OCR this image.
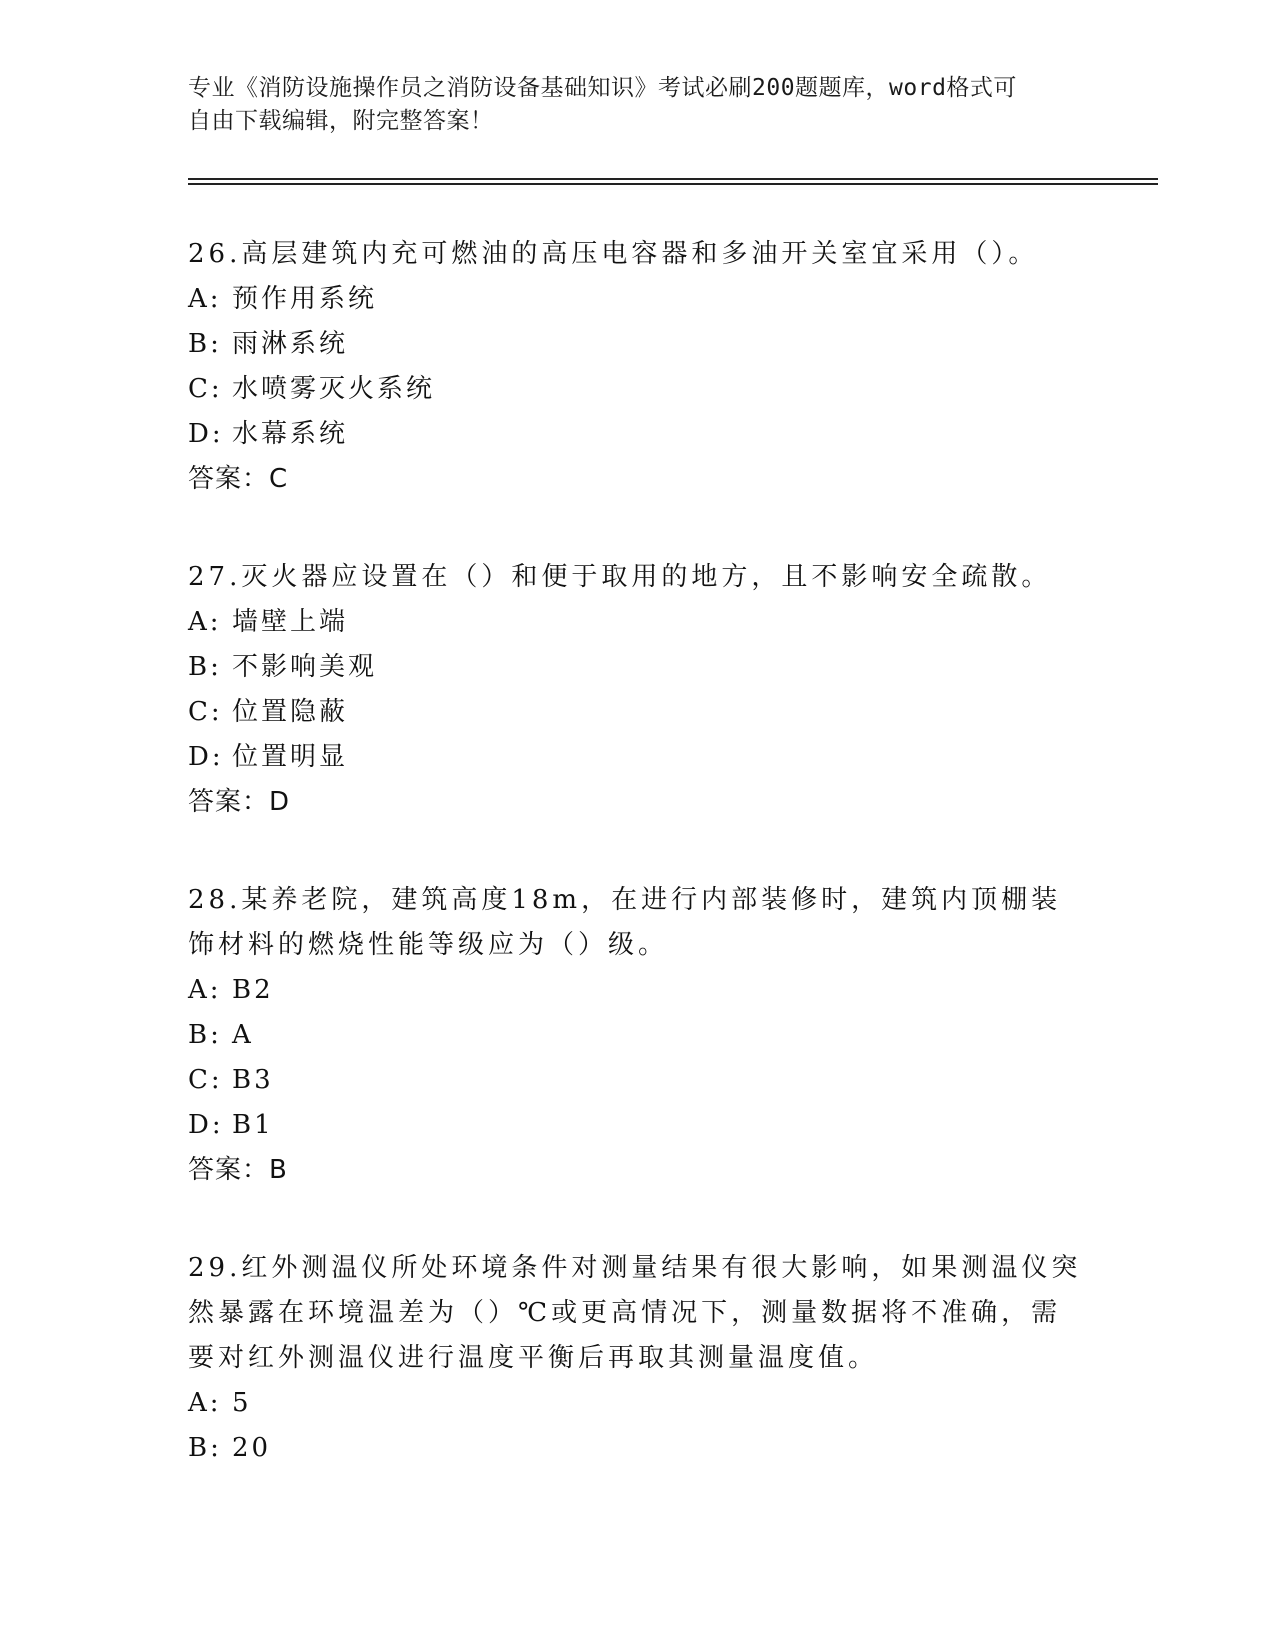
专业《消防设施操作员之消防设备基础知识》考试必刷200题题库，word格式可
自由下载编辑，附完整答案！
26.高层建筑内充可燃油的高压电容器和多油开关室宜采用（）。
A: 预作用系统
B: 雨淋系统
C: 水喷雾灭火系统
D: 水幕系统
答案：C
27.灭火器应设置在（）和便于取用的地方，且不影响安全疏散。
A: 墙壁上端
B: 不影响美观
C: 位置隐蔽
D: 位置明显
答案：D
28.某养老院，建筑高度18m，在进行内部装修时，建筑内顶棚装饰材料的燃烧性能等级应为（）级。
A: B2
B: A
C: B3
D: B1
答案：B
29.红外测温仪所处环境条件对测量结果有很大影响，如果测温仪突然暴露在环境温差为（）℃或更高情况下，测量数据将不准确，需要对红外测温仪进行温度平衡后再取其测量温度值。
A: 5
B: 20
